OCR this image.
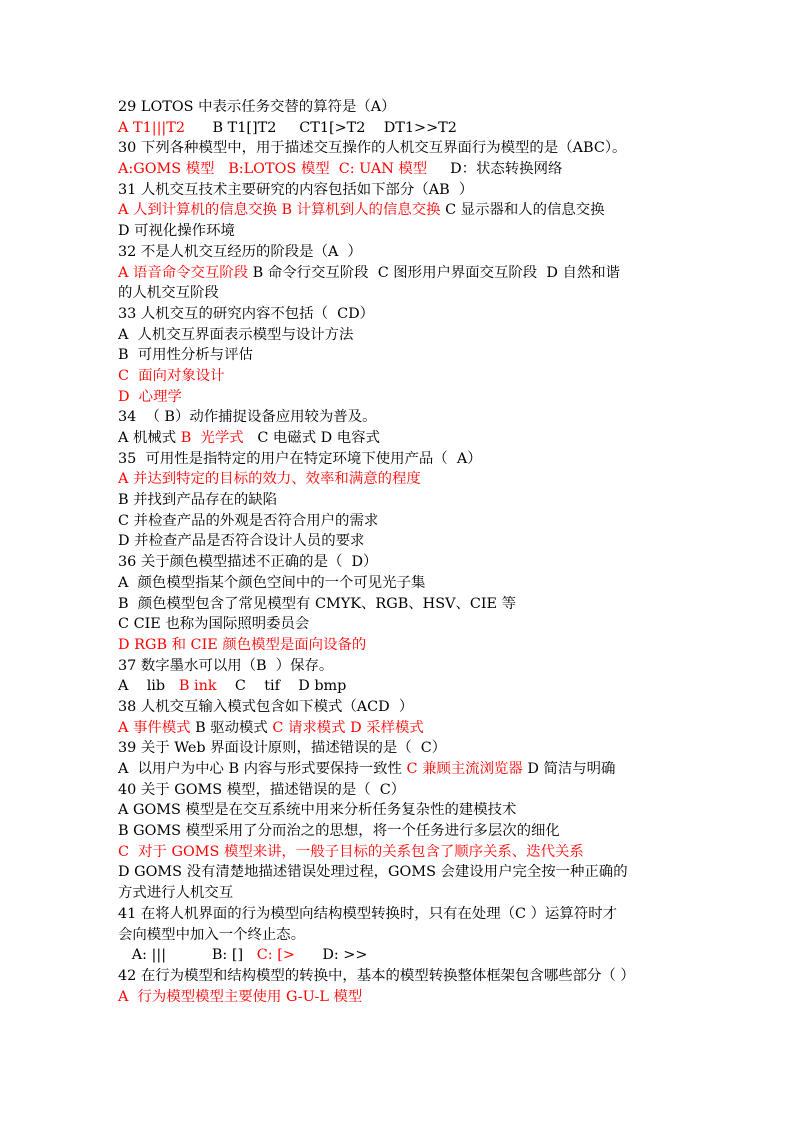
29 LOTOS 中表示任务交替的算符是（A）
A T1|||T2      B T1[]T2     CT1[>T2    DT1>>T2
30 下列各种模型中，用于描述交互操作的人机交互界面行为模型的是（ABC）。
A:GOMS 模型   B:LOTOS 模型  C: UAN 模型     D：状态转换网络
31 人机交互技术主要研究的内容包括如下部分（AB  ）
A 人到计算机的信息交换 B 计算机到人的信息交换 C 显示器和人的信息交换
D 可视化操作环境
32 不是人机交互经历的阶段是（A  ）
A 语音命令交互阶段 B 命令行交互阶段  C 图形用户界面交互阶段  D 自然和谐
的人机交互阶段
33 人机交互的研究内容不包括（  CD）
A  人机交互界面表示模型与设计方法
B  可用性分析与评估
C  面向对象设计
D  心理学
34  （ B）动作捕捉设备应用较为普及。
A 机械式 B  光学式   C 电磁式 D 电容式
35  可用性是指特定的用户在特定环境下使用产品（  A）
A 并达到特定的目标的效力、效率和满意的程度
B 并找到产品存在的缺陷
C 并检查产品的外观是否符合用户的需求
D 并检查产品是否符合设计人员的要求
36 关于颜色模型描述不正确的是（  D）
A  颜色模型指某个颜色空间中的一个可见光子集
B  颜色模型包含了常见模型有 CMYK、RGB、HSV、CIE 等
C CIE 也称为国际照明委员会
D RGB 和 CIE 颜色模型是面向设备的
37 数字墨水可以用（B  ）保存。
A    lib   B ink    C    tif    D bmp
38 人机交互输入模式包含如下模式（ACD  ）
A 事件模式 B 驱动模式 C 请求模式 D 采样模式
39 关于 Web 界面设计原则，描述错误的是（  C）
A  以用户为中心 B 内容与形式要保持一致性 C 兼顾主流浏览器 D 简洁与明确
40 关于 GOMS 模型，描述错误的是（  C）
A GOMS 模型是在交互系统中用来分析任务复杂性的建模技术
B GOMS 模型采用了分而治之的思想，将一个任务进行多层次的细化
C  对于 GOMS 模型来讲，一般子目标的关系包含了顺序关系、迭代关系
D GOMS 没有清楚地描述错误处理过程，GOMS 会建设用户完全按一种正确的
方式进行人机交互
41 在将人机界面的行为模型向结构模型转换时，只有在处理（C ）运算符时才
会向模型中加入一个终止态。
A: |||          B: []   C: [>      D: >>
42 在行为模型和结构模型的转换中，基本的模型转换整体框架包含哪些部分（ ）
A  行为模型模型主要使用 G-U-L 模型
